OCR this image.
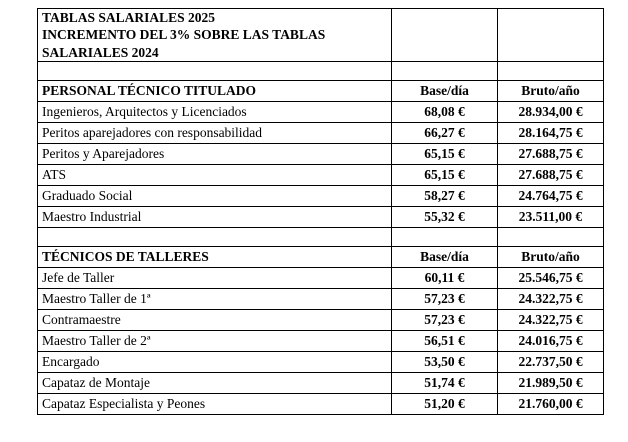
TABLAS SALARIALES 2025
INCREMENTO DEL 3% SOBRE LAS TABLAS
SALARIALES 2024		

PERSONAL TÉCNICO TITULADO	Base/día	Bruto/año
Ingenieros, Arquitectos y Licenciados	68,08 €	28.934,00 €
Peritos aparejadores con responsabilidad	66,27 €	28.164,75 €
Peritos y Aparejadores	65,15 €	27.688,75 €
ATS	65,15 €	27.688,75 €
Graduado Social	58,27 €	24.764,75 €
Maestro Industrial	55,32 €	23.511,00 €

TÉCNICOS DE TALLERES	Base/día	Bruto/año
Jefe de Taller	60,11 €	25.546,75 €
Maestro Taller de 1ª	57,23 €	24.322,75 €
Contramaestre	57,23 €	24.322,75 €
Maestro Taller de 2ª	56,51 €	24.016,75 €
Encargado	53,50 €	22.737,50 €
Capataz de Montaje	51,74 €	21.989,50 €
Capataz Especialista y Peones	51,20 €	21.760,00 €
